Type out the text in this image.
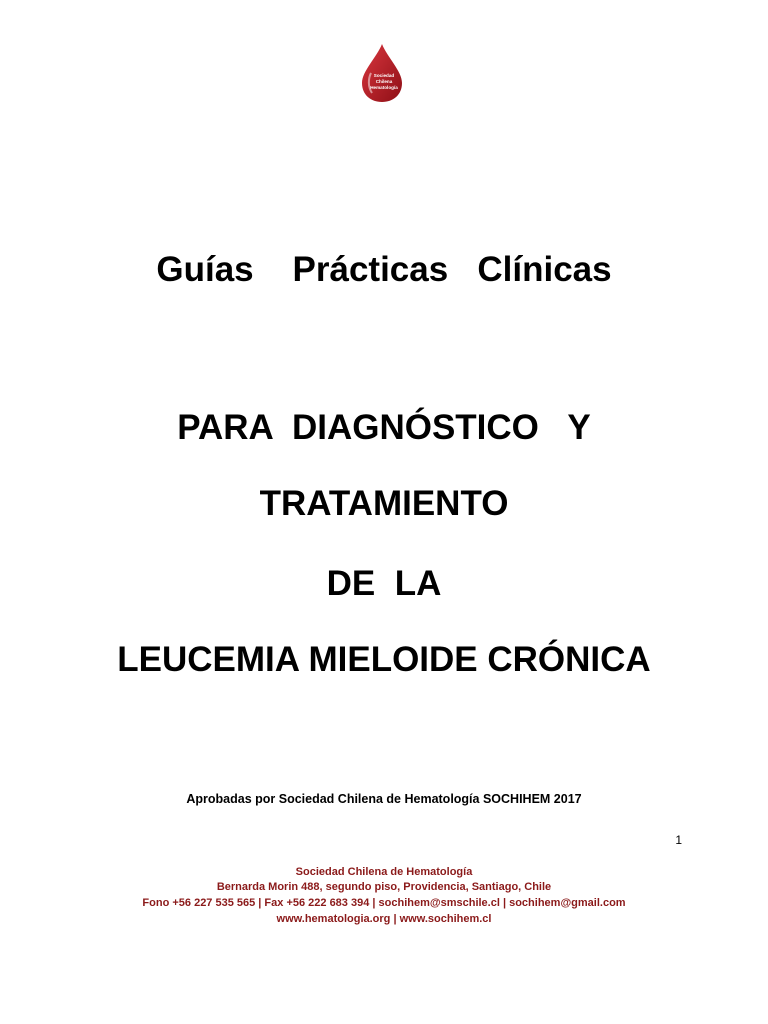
Sociedad
Chilena
Hematología
Guías    Prácticas   Clínicas
PARA  DIAGNÓSTICO   Y
TRATAMIENTO
DE  LA
LEUCEMIA MIELOIDE CRÓNICA
Aprobadas por Sociedad Chilena de Hematología SOCHIHEM 2017
1
Sociedad Chilena de Hematología
Bernarda Morin 488, segundo piso, Providencia, Santiago, Chile
Fono +56 227 535 565 | Fax +56 222 683 394 | sochihem@smschile.cl | sochihem@gmail.com
www.hematologia.org | www.sochihem.cl
